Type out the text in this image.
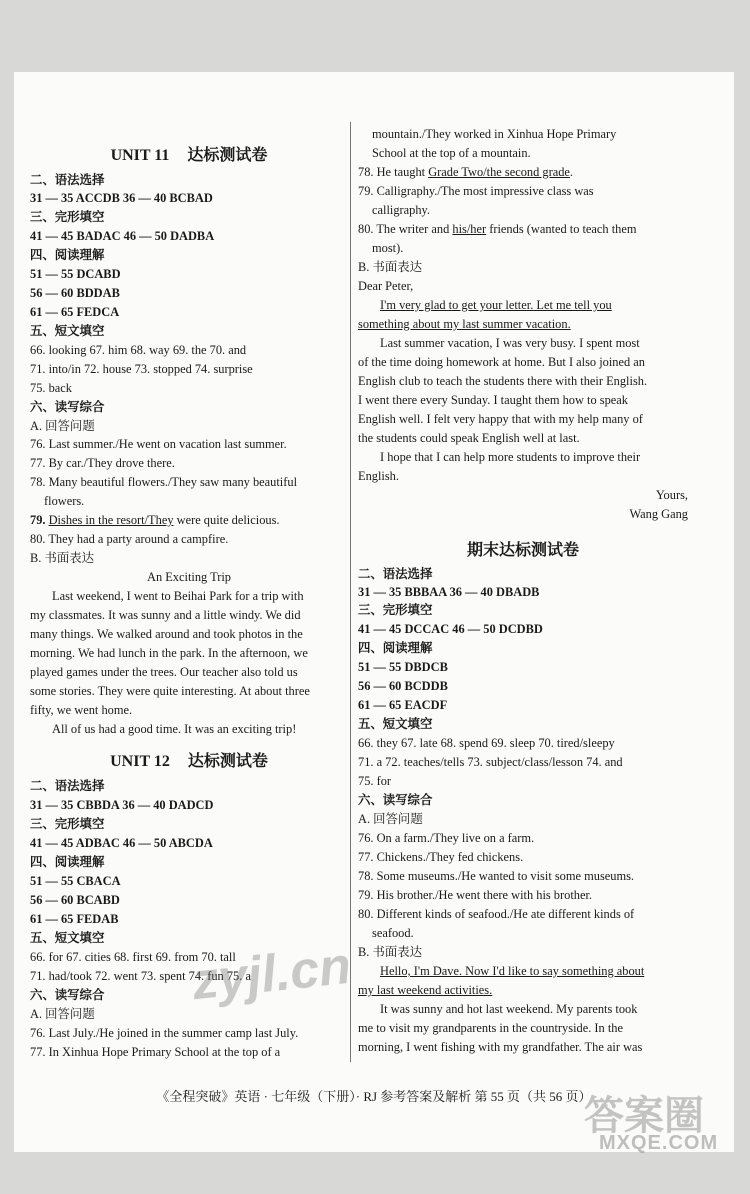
UNIT 11 达标测试卷
二、语法选择
31 — 35 ACCDB 36 — 40 BCBAD
三、完形填空
41 — 45 BADAC 46 — 50 DADBA
四、阅读理解
51 — 55 DCABD
56 — 60 BDDAB
61 — 65 FEDCA
五、短文填空
66. looking 67. him 68. way 69. the 70. and
71. into/in 72. house 73. stopped 74. surprise
75. back
六、读写综合
A. 回答问题
76. Last summer./He went on vacation last summer.
77. By car./They drove there.
78. Many beautiful flowers./They saw many beautiful
flowers.
79. Dishes in the resort/They were quite delicious.
80. They had a party around a campfire.
B. 书面表达
An Exciting Trip
Last weekend, I went to Beihai Park for a trip with
my classmates. It was sunny and a little windy. We did
many things. We walked around and took photos in the
morning. We had lunch in the park. In the afternoon, we
played games under the trees. Our teacher also told us
some stories. They were quite interesting. At about three
fifty, we went home.
All of us had a good time. It was an exciting trip!
UNIT 12 达标测试卷
二、语法选择
31 — 35 CBBDA 36 — 40 DADCD
三、完形填空
41 — 45 ADBAC 46 — 50 ABCDA
四、阅读理解
51 — 55 CBACA
56 — 60 BCABD
61 — 65 FEDAB
五、短文填空
66. for 67. cities 68. first 69. from 70. tall
71. had/took 72. went 73. spent 74. fun 75. a
六、读写综合
A. 回答问题
76. Last July./He joined in the summer camp last July.
77. In Xinhua Hope Primary School at the top of a
mountain./They worked in Xinhua Hope Primary
School at the top of a mountain.
78. He taught Grade Two/the second grade.
79. Calligraphy./The most impressive class was
calligraphy.
80. The writer and his/her friends (wanted to teach them
most).
B. 书面表达
Dear Peter,
I'm very glad to get your letter. Let me tell you
something about my last summer vacation.
Last summer vacation, I was very busy. I spent most
of the time doing homework at home. But I also joined an
English club to teach the students there with their English.
I went there every Sunday. I taught them how to speak
English well. I felt very happy that with my help many of
the students could speak English well at last.
I hope that I can help more students to improve their
English.
Yours,
Wang Gang
期末达标测试卷
二、语法选择
31 — 35 BBBAA 36 — 40 DBADB
三、完形填空
41 — 45 DCCAC 46 — 50 DCDBD
四、阅读理解
51 — 55 DBDCB
56 — 60 BCDDB
61 — 65 EACDF
五、短文填空
66. they 67. late 68. spend 69. sleep 70. tired/sleepy
71. a 72. teaches/tells 73. subject/class/lesson 74. and
75. for
六、读写综合
A. 回答问题
76. On a farm./They live on a farm.
77. Chickens./They fed chickens.
78. Some museums./He wanted to visit some museums.
79. His brother./He went there with his brother.
80. Different kinds of seafood./He ate different kinds of
seafood.
B. 书面表达
Hello, I'm Dave. Now I'd like to say something about
my last weekend activities.
It was sunny and hot last weekend. My parents took
me to visit my grandparents in the countryside. In the
morning, I went fishing with my grandfather. The air was
《全程突破》英语 · 七年级（下册）· RJ 参考答案及解析 第 55 页（共 56 页）
zyjl.cn
答案圈
MXQE.COM
